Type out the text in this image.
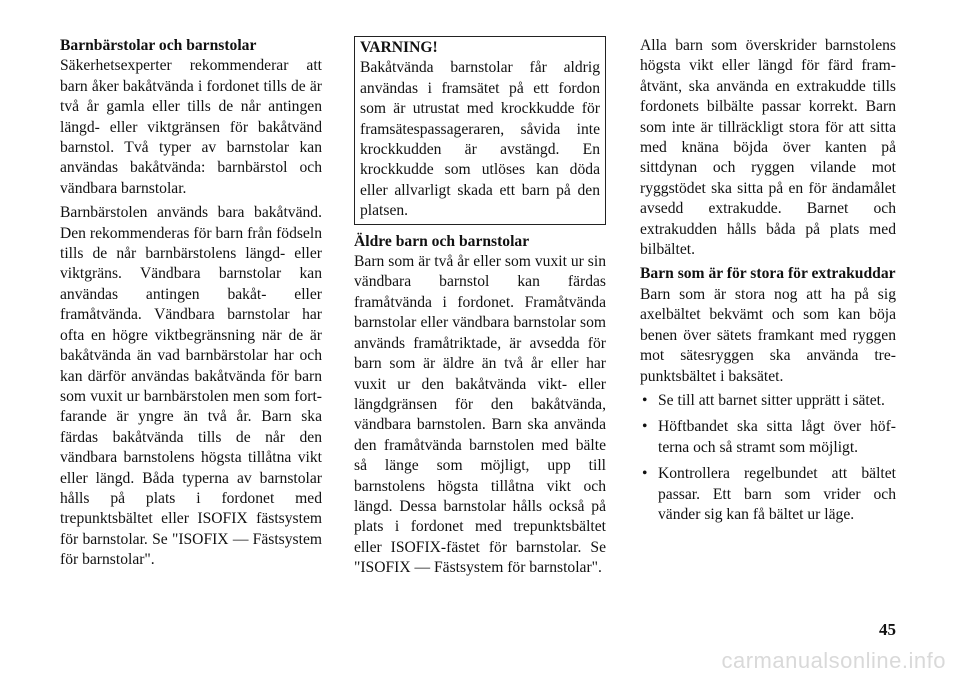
Barnbärstolar och barnstolar

Säkerhetsexperter rekommenderar att barn åker bakåtvända i fordonet tills de är två år gamla eller tills de når antingen längd- eller viktgränsen för bakåtvänd barnstol. Två typer av barnstolar kan användas bakåtvända: barnbärstol och vändbara barnstolar.

Barnbärstolen används bara bakåtvänd. Den rekommenderas för barn från födseln tills de når barnbärstolens längd- eller viktgräns. Vändbara barnstolar kan användas antingen bakåt- eller framåtvända. Vändbara barnstolar har ofta en högre viktbegränsning när de är bakåtvända än vad barnbärstolar har och kan därför användas bakåtvända för barn som vuxit ur barnbärstolen men som fortfarande är yngre än två år. Barn ska färdas bakåtvända tills de når den vändbara barnstolens högsta tillåtna vikt eller längd. Båda typerna av barnstolar hålls på plats i fordonet med trepunktsbältet eller ISOFIX fästsystem för barnstolar. Se "ISOFIX — Fästsystem för barnstolar".

VARNING!

Bakåtvända barnstolar får aldrig användas i framsätet på ett fordon som är utrustat med krockkudde för framsätespassageraren, såvida inte krockkudden är avstängd. En krockkudde som utlöses kan döda eller allvarligt skada ett barn på den platsen.

Äldre barn och barnstolar

Barn som är två år eller som vuxit ur sin vändbara barnstol kan färdas framåtvända i fordonet. Framåtvända barnstolar eller vändbara barnstolar som används framåtriktade, är avsedda för barn som är äldre än två år eller har vuxit ur den bakåtvända vikt- eller längdgränsen för den bakåtvända, vändbara barnstolen. Barn ska använda den framåtvända barnstolen med bälte så länge som möjligt, upp till barnstolens högsta tillåtna vikt och längd. Dessa barnstolar hålls också på plats i fordonet med trepunktsbältet eller ISOFIX-fästet för barnstolar. Se "ISOFIX — Fästsystem för barnstolar".

Alla barn som överskrider barnstolens högsta vikt eller längd för färd framåtvänt, ska använda en extrakudde tills fordonets bilbälte passar korrekt. Barn som inte är tillräckligt stora för att sitta med knäna böjda över kanten på sittdynan och ryggen vilande mot ryggstödet ska sitta på en för ändamålet avsedd extrakudde. Barnet och extrakudden hålls båda på plats med bilbältet.

Barn som är för stora för extrakuddar

Barn som är stora nog att ha på sig axelbältet bekvämt och som kan böja benen över sätets framkant med ryggen mot sätesryggen ska använda trepunktsbältet i baksätet.

• Se till att barnet sitter upprätt i sätet.
• Höftbandet ska sitta lågt över höfterna och så stramt som möjligt.
• Kontrollera regelbundet att bältet passar. Ett barn som vrider och vänder sig kan få bältet ur läge.
45
carmanualsonline.info
